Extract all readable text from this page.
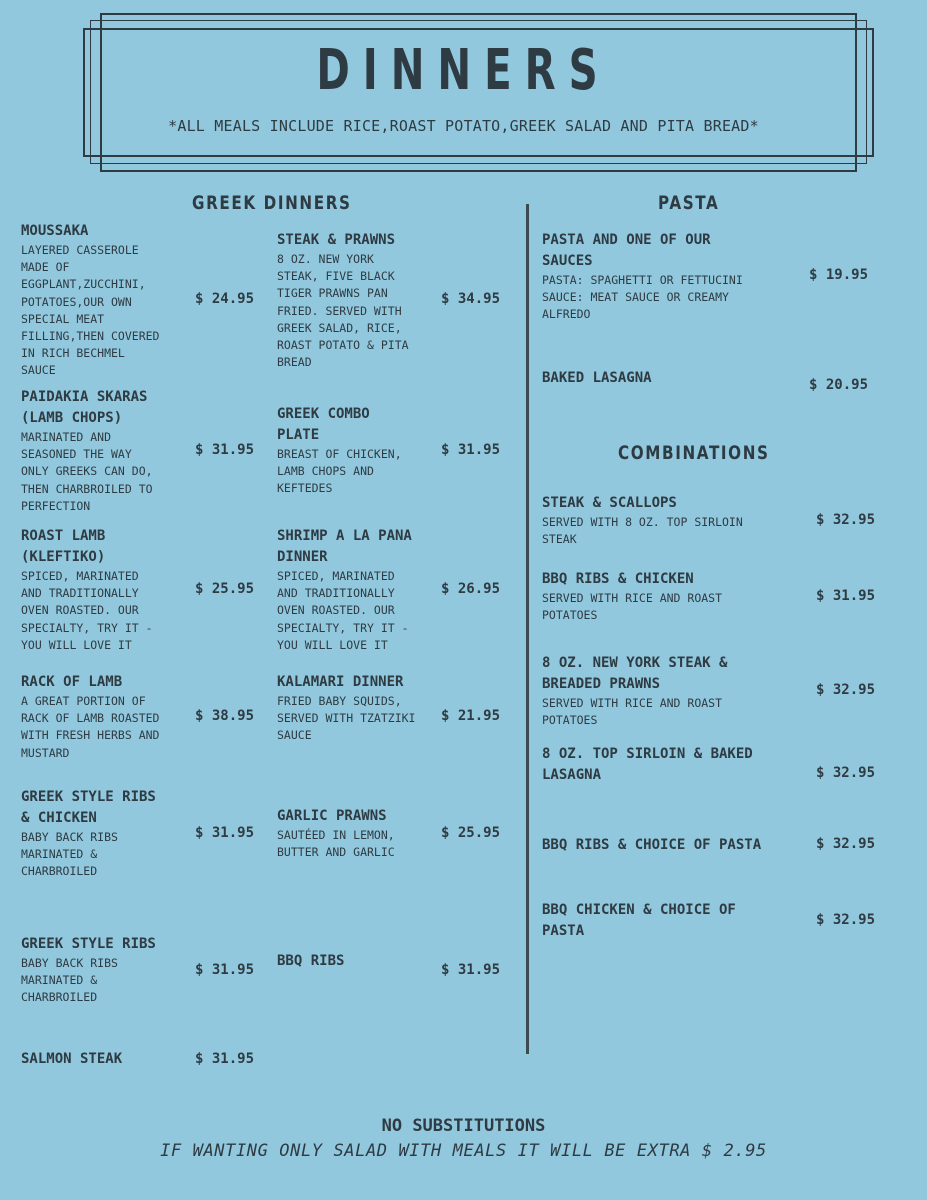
DINNERS
*ALL MEALS INCLUDE RICE,ROAST POTATO,GREEK SALAD AND PITA BREAD*
GREEK DINNERS	PASTA
COMBINATIONS
MOUSSAKA
LAYERED CASSEROLE
MADE OF
EGGPLANT,ZUCCHINI,
POTATOES,OUR OWN
SPECIAL MEAT
FILLING,THEN COVERED
IN RICH BECHMEL
SAUCE
$ 24.95
PAIDAKIA SKARAS
(LAMB CHOPS)
MARINATED AND
SEASONED THE WAY
ONLY GREEKS CAN DO,
THEN CHARBROILED TO
PERFECTION
$ 31.95
ROAST LAMB
(KLEFTIKO)
SPICED, MARINATED
AND TRADITIONALLY
OVEN ROASTED. OUR
SPECIALTY, TRY IT -
YOU WILL LOVE IT
$ 25.95
RACK OF LAMB
A GREAT PORTION OF
RACK OF LAMB ROASTED
WITH FRESH HERBS AND
MUSTARD
$ 38.95
GREEK STYLE RIBS
& CHICKEN
BABY BACK RIBS
MARINATED &
CHARBROILED
$ 31.95
GREEK STYLE RIBS
BABY BACK RIBS
MARINATED &
CHARBROILED
$ 31.95
SALMON STEAK	$ 31.95
STEAK & PRAWNS
8 OZ. NEW YORK
STEAK, FIVE BLACK
TIGER PRAWNS PAN
FRIED. SERVED WITH
GREEK SALAD, RICE,
ROAST POTATO & PITA
BREAD
$ 34.95
GREEK COMBO
PLATE
BREAST OF CHICKEN,
LAMB CHOPS AND
KEFTEDES
$ 31.95
SHRIMP A LA PANA
DINNER
SPICED, MARINATED
AND TRADITIONALLY
OVEN ROASTED. OUR
SPECIALTY, TRY IT -
YOU WILL LOVE IT
$ 26.95
KALAMARI DINNER
FRIED BABY SQUIDS,
SERVED WITH TZATZIKI
SAUCE
$ 21.95
GARLIC PRAWNS
SAUTÉED IN LEMON,
BUTTER AND GARLIC
$ 25.95
BBQ RIBS
$ 31.95
PASTA AND ONE OF OUR
SAUCES
PASTA: SPAGHETTI OR FETTUCINI
SAUCE: MEAT SAUCE OR CREAMY
ALFREDO
$ 19.95
BAKED LASAGNA	$ 20.95
STEAK & SCALLOPS
SERVED WITH 8 OZ. TOP SIRLOIN
STEAK
$ 32.95
BBQ RIBS & CHICKEN
SERVED WITH RICE AND ROAST
POTATOES
$ 31.95
8 OZ. NEW YORK STEAK &
BREADED PRAWNS
SERVED WITH RICE AND ROAST
POTATOES
$ 32.95
8 OZ. TOP SIRLOIN & BAKED
LASAGNA	$ 32.95
BBQ RIBS & CHOICE OF PASTA	$ 32.95
BBQ CHICKEN & CHOICE OF
PASTA
$ 32.95
NO SUBSTITUTIONS
IF WANTING ONLY SALAD WITH MEALS IT WILL BE EXTRA $ 2.95
